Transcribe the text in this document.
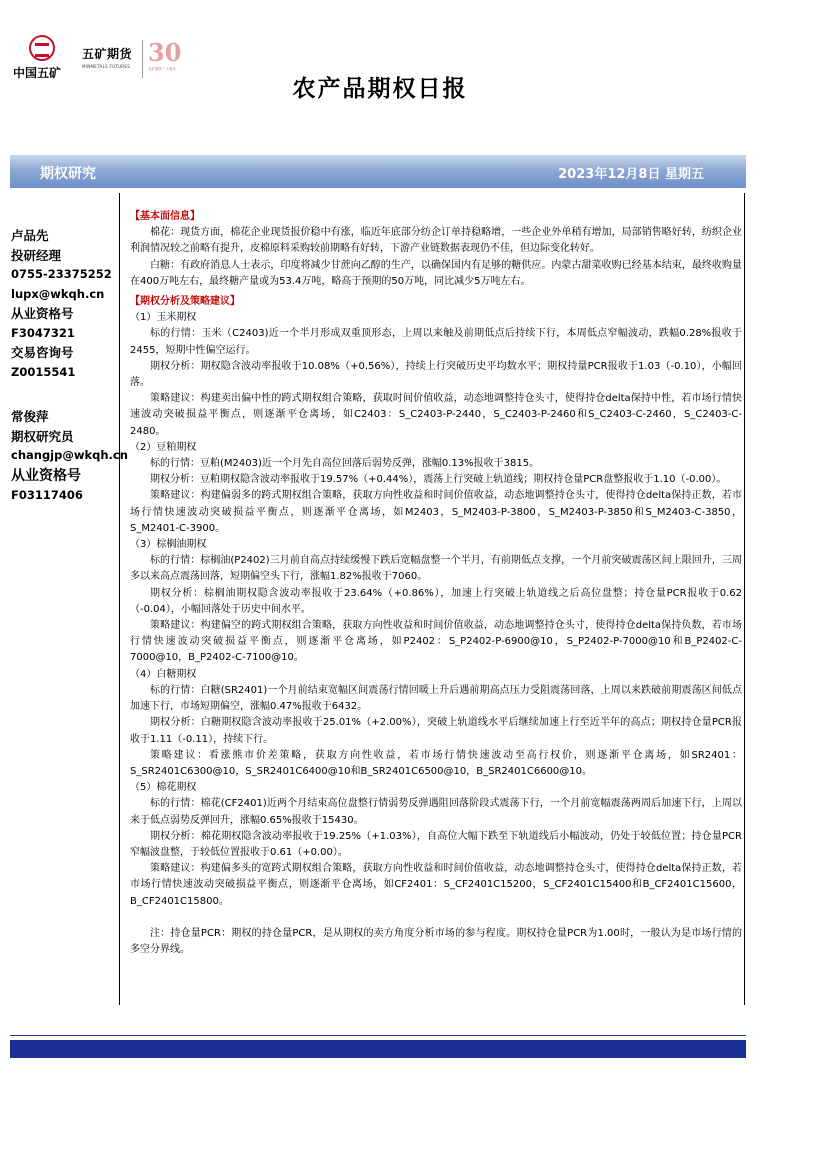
中国五矿
五矿期货
MINMETALS FUTURES 30
五矿期货三十周年
农产品期权日报
期权研究	2023年12月8日 星期五
卢品先
投研经理
0755-23375252
lupx@wkqh.cn
从业资格号
F3047321
交易咨询号
Z0015541
常俊萍
期权研究员
changjp@wkqh.cn
从业资格号
F03117406
【基本面信息】

棉花：现货方面，棉花企业现货报价稳中有涨，临近年底部分纺企订单持稳略增，一些企业外单稍有增加，局部销售略好转，纺织企业利润情况较之前略有提升，皮棉原料采购较前期略有好转，下游产业链数据表现仍不佳，但边际变化转好。

白糖：有政府消息人士表示，印度将减少甘蔗向乙醇的生产，以确保国内有足够的糖供应。内蒙古甜菜收购已经基本结束，最终收购量在400万吨左右，最终糖产量或为53.4万吨，略高于预期的50万吨，同比减少5万吨左右。

【期权分析及策略建议】
（1）玉米期权

标的行情：玉米（C2403)近一个半月形成双重顶形态，上周以来触及前期低点后持续下行，本周低点窄幅波动，跌幅0.28%报收于2455，短期中性偏空运行。

期权分析：期权隐含波动率报收于10.08%（+0.56%），持续上行突破历史平均数水平；期权持量PCR报收于1.03（-0.10），小幅回落。

策略建议：构建卖出偏中性的跨式期权组合策略，获取时间价值收益，动态地调整持仓头寸，使得持仓delta保持中性，若市场行情快速波动突破损益平衡点，则逐渐平仓离场，如C2403：S_C2403-P-2440，S_C2403-P-2460和S_C2403-C-2460，S_C2403-C-2480。

（2）豆粕期权

标的行情：豆粕(M2403)近一个月先自高位回落后弱势反弹，涨幅0.13%报收于3815。

期权分析：豆粕期权隐含波动率报收于19.57%（+0.44%），震荡上行突破上轨道线；期权持仓量PCR盘整报收于1.10（-0.00）。

策略建议：构建偏弱多的跨式期权组合策略，获取方向性收益和时间价值收益，动态地调整持仓头寸，使得持仓delta保持正数，若市场行情快速波动突破损益平衡点，则逐渐平仓离场，如M2403，S_M2403-P-3800，S_M2403-P-3850和S_M2403-C-3850，S_M2401-C-3900。

（3）棕榈油期权

标的行情：棕榈油(P2402)三月前自高点持续缓慢下跌后宽幅盘整一个半月，有前期低点支撑，一个月前突破震荡区间上限回升，三周多以来高点震荡回落，短期偏空头下行，涨幅1.82%报收于7060。

期权分析：棕榈油期权隐含波动率报收于23.64%（+0.86%），加速上行突破上轨道线之后高位盘整；持仓量PCR报收于0.62（-0.04），小幅回落处于历史中间水平。

策略建议：构建偏空的跨式期权组合策略，获取方向性收益和时间价值收益，动态地调整持仓头寸，使得持仓delta保持负数，若市场行情快速波动突破损益平衡点，则逐渐平仓离场，如P2402：S_P2402-P-6900@10，S_P2402-P-7000@10和B_P2402-C-7000@10，B_P2402-C-7100@10。

（4）白糖期权

标的行情：白糖(SR2401)一个月前结束宽幅区间震荡行情回暖上升后遇前期高点压力受阻震荡回落，上周以来跌破前期震荡区间低点加速下行，市场短期偏空，涨幅0.47%报收于6432。

期权分析：白糖期权隐含波动率报收于25.01%（+2.00%），突破上轨道线水平后继续加速上行至近半年的高点；期权持仓量PCR报收于1.11（-0.11），持续下行。

策略建议：看涨熊市价差策略，获取方向性收益，若市场行情快速波动至高行权价，则逐渐平仓离场，如SR2401：S_SR2401C6300@10，S_SR2401C6400@10和B_SR2401C6500@10，B_SR2401C6600@10。

（5）棉花期权

标的行情：棉花(CF2401)近两个月结束高位盘整行情弱势反弹遇阻回落阶段式震荡下行，一个月前宽幅震荡两周后加速下行，上周以来于低点弱势反弹回升，涨幅0.65%报收于15430。

期权分析：棉花期权隐含波动率报收于19.25%（+1.03%），自高位大幅下跌至下轨道线后小幅波动，仍处于较低位置；持仓量PCR窄幅波盘整，于较低位置报收于0.61（+0.00）。

策略建议：构建偏多头的宽跨式期权组合策略，获取方向性收益和时间价值收益，动态地调整持仓头寸，使得持仓delta保持正数，若市场行情快速波动突破损益平衡点，则逐渐平仓离场，如CF2401：S_CF2401C15200，S_CF2401C15400和B_CF2401C15600，B_CF2401C15800。

注：持仓量PCR：期权的持仓量PCR，是从期权的卖方角度分析市场的参与程度。期权持仓量PCR为1.00时，一般认为是市场行情的多空分界线。
